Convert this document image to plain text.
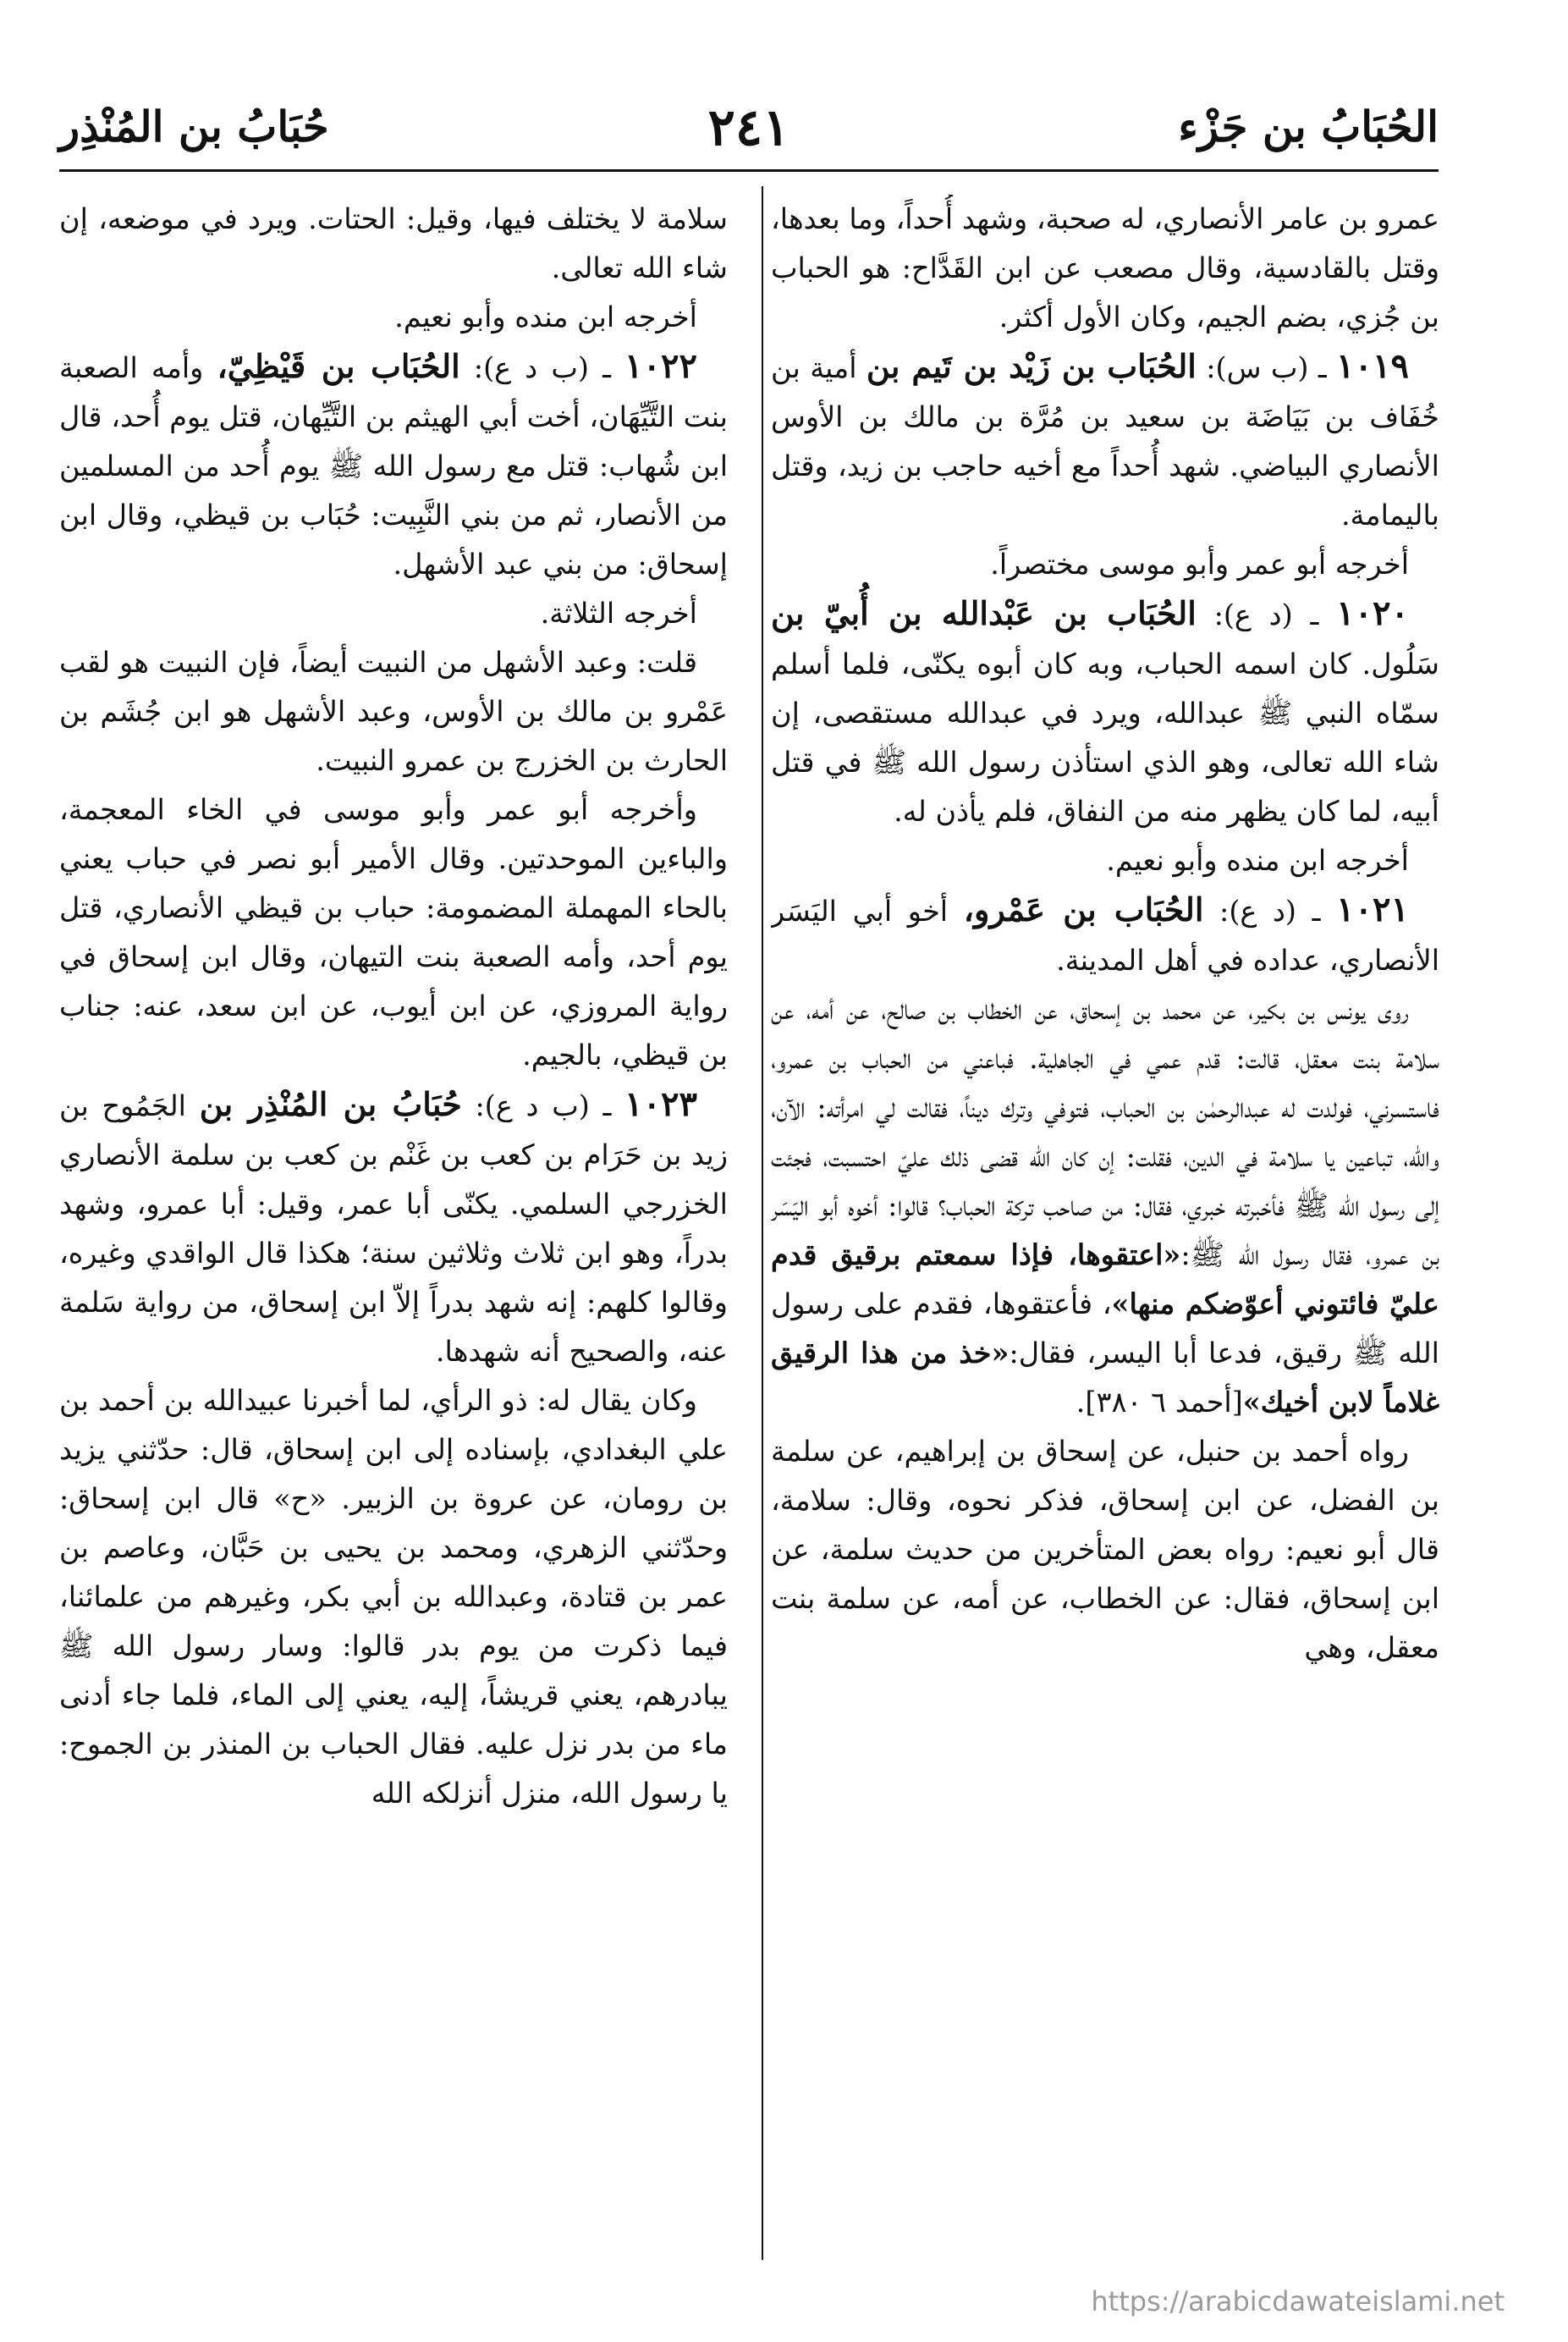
الحُبَابُ بن جَزْء
٢٤١
حُبَابُ بن المُنْذِر

عمرو بن عامر الأنصاري، له صحبة، وشهد أُحداً، وما بعدها، وقتل بالقادسية، وقال مصعب عن ابن القَدَّاح: هو الحباب بن جُزي، بضم الجيم، وكان الأول أكثر.

١٠١٩ ـ (ب س): الحُبَاب بن زَيْد بن تَيم بن أمية بن خُفَاف بن بَيَاضَة بن سعيد بن مُرَّة بن مالك بن الأوس الأنصاري البياضي. شهد أُحداً مع أخيه حاجب بن زيد، وقتل باليمامة.

أخرجه أبو عمر وأبو موسى مختصراً.

١٠٢٠ ـ (د ع): الحُبَاب بن عَبْدالله بن أُبيّ بن سَلُول. كان اسمه الحباب، وبه كان أبوه يكنّى، فلما أسلم سمّاه النبي ﷺ عبدالله، ويرد في عبدالله مستقصى، إن شاء الله تعالى، وهو الذي استأذن رسول الله ﷺ في قتل أبيه، لما كان يظهر منه من النفاق، فلم يأذن له.

أخرجه ابن منده وأبو نعيم.

١٠٢١ ـ (د ع): الحُبَاب بن عَمْرو، أخو أبي اليَسَر الأنصاري، عداده في أهل المدينة.

روى يونس بن بكير، عن محمد بن إسحاق، عن الخطاب بن صالح، عن أمه، عن سلامة بنت معقل، قالت: قدم عمي في الجاهلية. فباعني من الحباب بن عمرو، فاستسرني، فولدت له عبدالرحمٰن بن الحباب، فتوفي وترك ديناً، فقالت لي امرأته: الآن، والله، تباعين يا سلامة في الدين، فقلت: إن كان الله قضى ذلك عليّ احتسبت، فجئت إلى رسول الله ﷺ فأخبرته خبري، فقال: من صاحب تركة الحباب؟ قالوا: أخوه أبو اليَسَر بن عمرو، فقال رسول الله ﷺ:«اعتقوها، فإذا سمعتم برقيق قدم عليّ فائتوني أعوّضكم منها»، فأعتقوها، فقدم على رسول الله ﷺ رقيق، فدعا أبا اليسر، فقال:«خذ من هذا الرقيق غلاماً لابن أخيك»[أحمد ٦ ٣٨٠].

رواه أحمد بن حنبل، عن إسحاق بن إبراهيم، عن سلمة بن الفضل، عن ابن إسحاق، فذكر نحوه، وقال: سلامة، قال أبو نعيم: رواه بعض المتأخرين من حديث سلمة، عن ابن إسحاق، فقال: عن الخطاب، عن أمه، عن سلمة بنت معقل، وهي

سلامة لا يختلف فيها، وقيل: الحتات. ويرد في موضعه، إن شاء الله تعالى.

أخرجه ابن منده وأبو نعيم.

١٠٢٢ ـ (ب د ع): الحُبَاب بن قَيْظِيّ، وأمه الصعبة بنت التَّيِّهَان، أخت أبي الهيثم بن التَّيِّهان، قتل يوم أُحد، قال ابن شُهاب: قتل مع رسول الله ﷺ يوم أُحد من المسلمين من الأنصار، ثم من بني النَّبِيت: حُبَاب بن قيظي، وقال ابن إسحاق: من بني عبد الأشهل.

أخرجه الثلاثة.

قلت: وعبد الأشهل من النبيت أيضاً، فإن النبيت هو لقب عَمْرو بن مالك بن الأوس، وعبد الأشهل هو ابن جُشَم بن الحارث بن الخزرج بن عمرو النبيت.

وأخرجه أبو عمر وأبو موسى في الخاء المعجمة، والباءين الموحدتين. وقال الأمير أبو نصر في حباب يعني بالحاء المهملة المضمومة: حباب بن قيظي الأنصاري، قتل يوم أحد، وأمه الصعبة بنت التيهان، وقال ابن إسحاق في رواية المروزي، عن ابن أيوب، عن ابن سعد، عنه: جناب بن قيظي، بالجيم.

١٠٢٣ ـ (ب د ع): حُبَابُ بن المُنْذِر بن الجَمُوح بن زيد بن حَرَام بن كعب بن غَنْم بن كعب بن سلمة الأنصاري الخزرجي السلمي. يكنّى أبا عمر، وقيل: أبا عمرو، وشهد بدراً، وهو ابن ثلاث وثلاثين سنة؛ هكذا قال الواقدي وغيره، وقالوا كلهم: إنه شهد بدراً إلاّ ابن إسحاق، من رواية سَلمة عنه، والصحيح أنه شهدها.

وكان يقال له: ذو الرأي، لما أخبرنا عبيدالله بن أحمد بن علي البغدادي، بإسناده إلى ابن إسحاق، قال: حدّثني يزيد بن رومان، عن عروة بن الزبير. «ح» قال ابن إسحاق: وحدّثني الزهري، ومحمد بن يحيى بن حَبَّان، وعاصم بن عمر بن قتادة، وعبدالله بن أبي بكر، وغيرهم من علمائنا، فيما ذكرت من يوم بدر قالوا: وسار رسول الله ﷺ يبادرهم، يعني قريشاً، إليه، يعني إلى الماء، فلما جاء أدنى ماء من بدر نزل عليه. فقال الحباب بن المنذر بن الجموح: يا رسول الله، منزل أنزلكه الله

https://arabicdawateislami.net
